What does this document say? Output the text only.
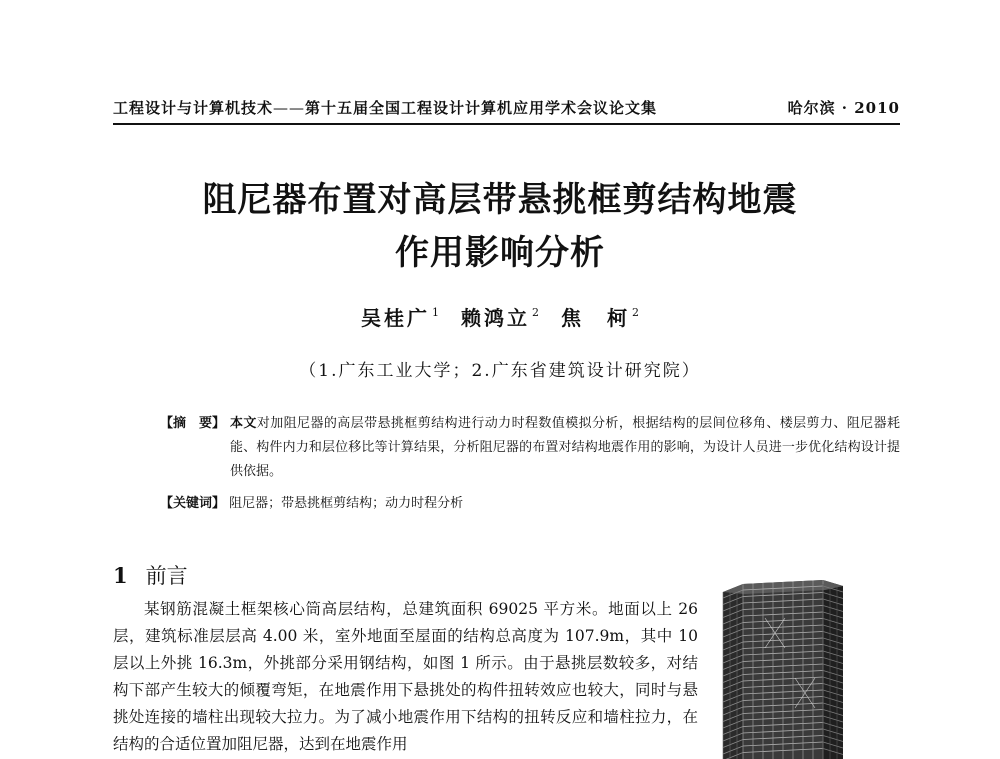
工程设计与计算机技术——第十五届全国工程设计计算机应用学术会议论文集	哈尔滨 · 2010
阻尼器布置对高层带悬挑框剪结构地震
作用影响分析
吴桂广 $^1$ 赖鸿立 $^2$ 焦　柯 $^2$
（1.广东工业大学；2.广东省建筑设计研究院）
【摘　要】 本文对加阻尼器的高层带悬挑框剪结构进行动力时程数值模拟分析，根据结构的层间位移角、楼层剪力、阻尼器耗能、构件内力和层位移比等计算结果，分析阻尼器的布置对结构地震作用的影响，为设计人员进一步优化结构设计提供依据。
【关键词】 阻尼器；带悬挑框剪结构；动力时程分析
1 前言

某钢筋混凝土框架核心筒高层结构，总建筑面积 69025 平方米。地面以上 26 层，建筑标准层层高 4.00 米，室外地面至屋面的结构总高度为 107.9m，其中 10 层以上外挑 16.3m，外挑部分采用钢结构，如图 1 所示。由于悬挑层数较多，对结构下部产生较大的倾覆弯矩，在地震作用下悬挑处的构件扭转效应也较大，同时与悬挑处连接的墙柱出现较大拉力。为了减小地震作用下结构的扭转反应和墙柱拉力，在结构的合适位置加阻尼器，达到在地震作用
